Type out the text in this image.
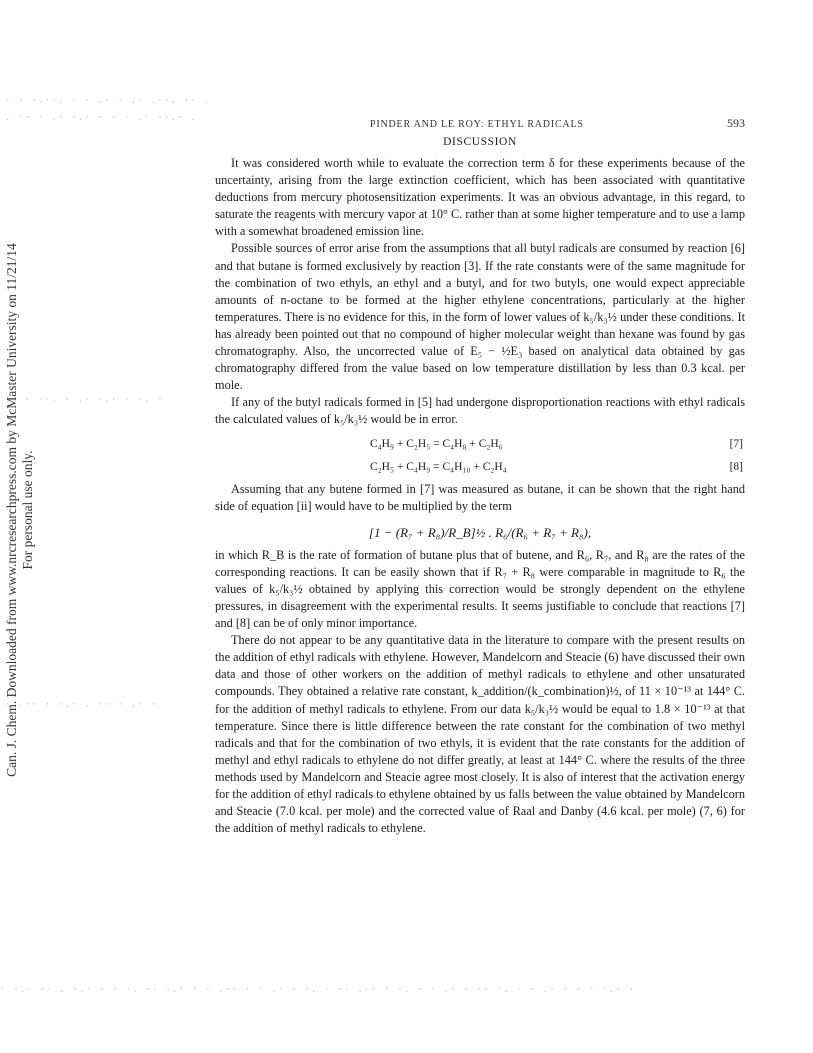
· · ·.··. · · .· · .· .··. ·· .
. ·· · .· ·.· · · · .· ··.· .
.· · ··. · .· ·.· · ·. ·
· .·· · ·.· . ·· · .· ·
· ·.· ·· . ·.· · · ·. ·· ·.· · · .·· · · .· · ·. · ·· .·· · ·. · · .· · ·· ·. · · .· · · · ·.· ·
Can. J. Chem. Downloaded from www.nrcresearchpress.com by McMaster University on 11/21/14 For personal use only.
PINDER AND LE ROY: ETHYL RADICALS	593
DISCUSSION

It was considered worth while to evaluate the correction term δ for these experiments because of the uncertainty, arising from the large extinction coefficient, which has been associated with quantitative deductions from mercury photosensitization experiments. It was an obvious advantage, in this regard, to saturate the reagents with mercury vapor at 10° C. rather than at some higher temperature and to use a lamp with a somewhat broadened emission line.

Possible sources of error arise from the assumptions that all butyl radicals are consumed by reaction [6] and that butane is formed exclusively by reaction [3]. If the rate constants were of the same magnitude for the combination of two ethyls, an ethyl and a butyl, and for two butyls, one would expect appreciable amounts of n-octane to be formed at the higher ethylene concentrations, particularly at the higher temperatures. There is no evidence for this, in the form of lower values of k₅/k₃½ under these conditions. It has already been pointed out that no compound of higher molecular weight than hexane was found by gas chromatography. Also, the uncorrected value of E₅ − ½E₃ based on analytical data obtained by gas chromatography differed from the value based on low temperature distillation by less than 0.3 kcal. per mole.

If any of the butyl radicals formed in [5] had undergone disproportionation reactions with ethyl radicals the calculated values of k₅/k₃½ would be in error.

C₄H₉ + C₂H₅ = C₄H₈ + C₂H₆	[7]
C₂H₅ + C₄H₉ = C₄H₁₀ + C₂H₄	[8]

Assuming that any butene formed in [7] was measured as butane, it can be shown that the right hand side of equation [ii] would have to be multiplied by the term

[1 − (R₇ + R₈)/R_B]½ . R₆/(R₆ + R₇ + R₈),

in which R_B is the rate of formation of butane plus that of butene, and R₆, R₇, and R₈ are the rates of the corresponding reactions. It can be easily shown that if R₇ + R₈ were comparable in magnitude to R₆ the values of k₅/k₃½ obtained by applying this correction would be strongly dependent on the ethylene pressures, in disagreement with the experimental results. It seems justifiable to conclude that reactions [7] and [8] can be of only minor importance.

There do not appear to be any quantitative data in the literature to compare with the present results on the addition of ethyl radicals with ethylene. However, Mandelcorn and Steacie (6) have discussed their own data and those of other workers on the addition of methyl radicals to ethylene and other unsaturated compounds. They obtained a relative rate constant, k_addition/(k_combination)½, of 11 × 10⁻¹³ at 144° C. for the addition of methyl radicals to ethylene. From our data k₅/k₃½ would be equal to 1.8 × 10⁻¹³ at that temperature. Since there is little difference between the rate constant for the combination of two methyl radicals and that for the combination of two ethyls, it is evident that the rate constants for the addition of methyl and ethyl radicals to ethylene do not differ greatly, at least at 144° C. where the results of the three methods used by Mandelcorn and Steacie agree most closely. It is also of interest that the activation energy for the addition of ethyl radicals to ethylene obtained by us falls between the value obtained by Mandelcorn and Steacie (7.0 kcal. per mole) and the corrected value of Raal and Danby (4.6 kcal. per mole) (7, 6) for the addition of methyl radicals to ethylene.
